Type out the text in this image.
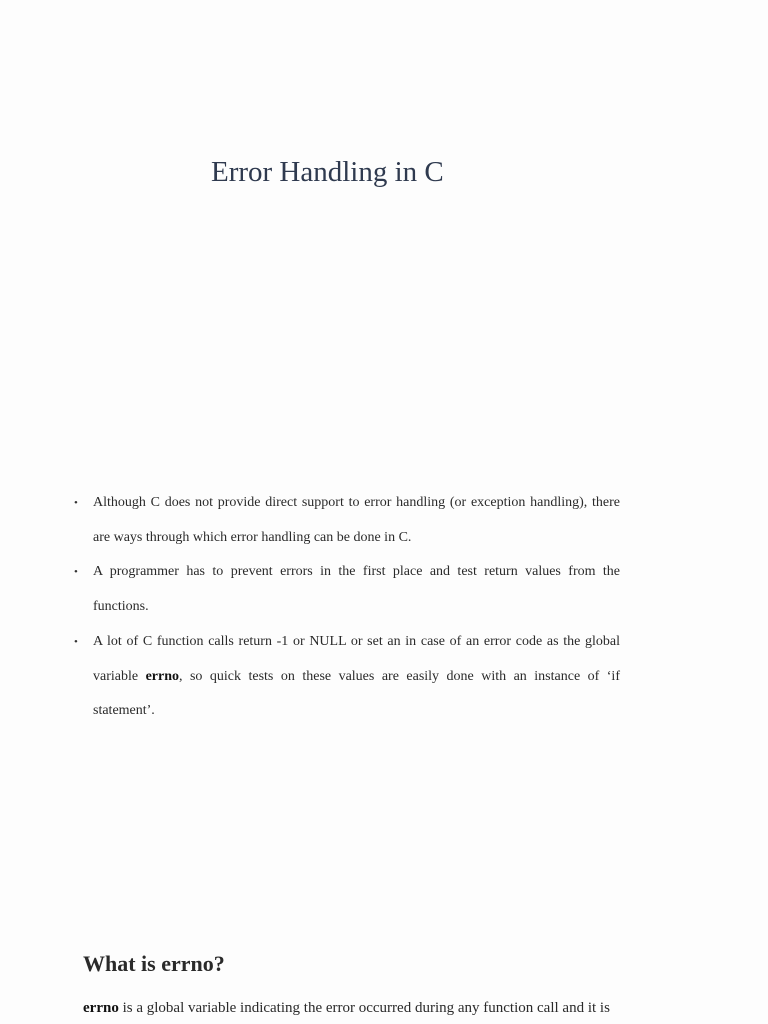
Error Handling in C
• Although C does not provide direct support to error handling (or exception handling), there are ways through which error handling can be done in C.
• A programmer has to prevent errors in the first place and test return values from the functions.
• A lot of C function calls return -1 or NULL or set an in case of an error code as the global variable errno, so quick tests on these values are easily done with an instance of ‘if statement’.
What is errno?

errno is a global variable indicating the error occurred during any function call and it is
